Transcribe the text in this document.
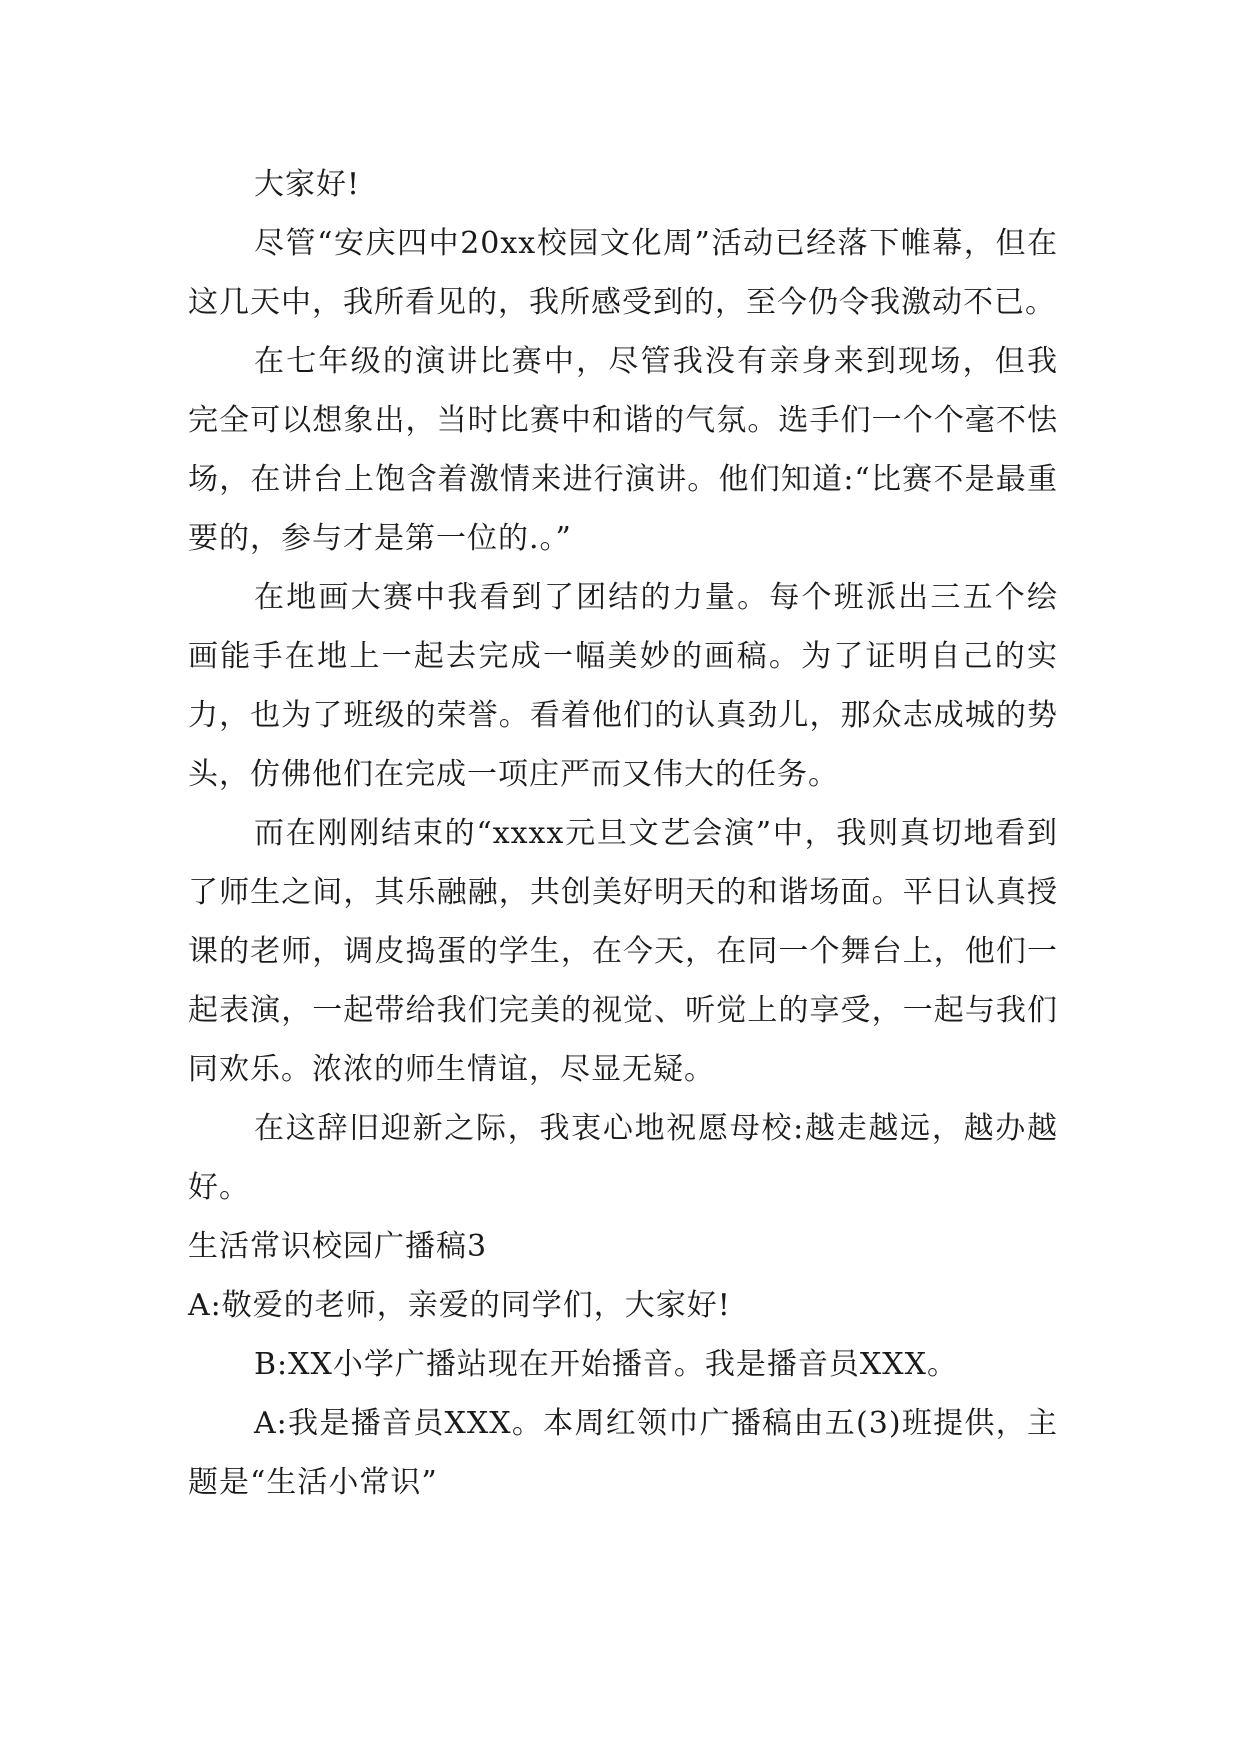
大家好!

尽管“安庆四中20xx校园文化周”活动已经落下帷幕，但在这几天中，我所看见的，我所感受到的，至今仍令我激动不已。

在七年级的演讲比赛中，尽管我没有亲身来到现场，但我完全可以想象出，当时比赛中和谐的气氛。选手们一个个毫不怯场，在讲台上饱含着激情来进行演讲。他们知道:“比赛不是最重要的，参与才是第一位的.。”

在地画大赛中我看到了团结的力量。每个班派出三五个绘画能手在地上一起去完成一幅美妙的画稿。为了证明自己的实力，也为了班级的荣誉。看着他们的认真劲儿，那众志成城的势头，仿佛他们在完成一项庄严而又伟大的任务。

而在刚刚结束的“xxxx元旦文艺会演”中，我则真切地看到了师生之间，其乐融融，共创美好明天的和谐场面。平日认真授课的老师，调皮捣蛋的学生，在今天，在同一个舞台上，他们一起表演，一起带给我们完美的视觉、听觉上的享受，一起与我们同欢乐。浓浓的师生情谊，尽显无疑。

在这辞旧迎新之际，我衷心地祝愿母校:越走越远，越办越好。

生活常识校园广播稿3

A:敬爱的老师，亲爱的同学们，大家好!

B:XX小学广播站现在开始播音。我是播音员XXX。

A:我是播音员XXX。本周红领巾广播稿由五(3)班提供，主题是“生活小常识”
